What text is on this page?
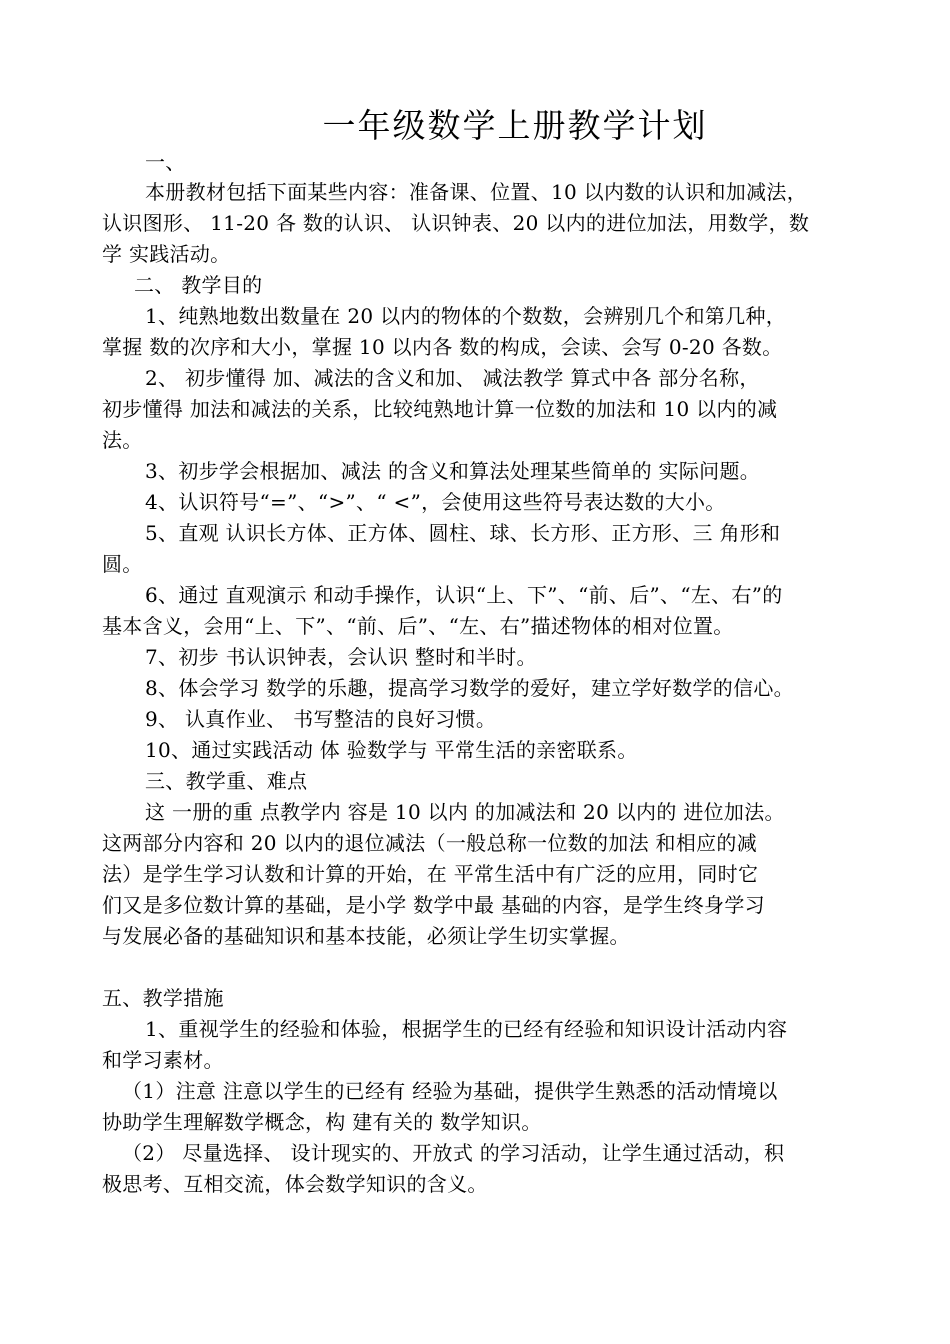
一年级数学上册教学计划
一、
本册教材包括下面某些内容：准备课、位置、10 以内数的认识和加减法，
认识图形、 11-20 各 数的认识、 认识钟表、20 以内的进位加法，用数学，数
学 实践活动。
二、 教学目的
1、纯熟地数出数量在 20 以内的物体的个数数，会辨别几个和第几种，
掌握 数的次序和大小，掌握 10 以内各 数的构成，会读、会写 0-20 各数。
2、 初步懂得 加、减法的含义和加、 减法教学 算式中各 部分名称，
初步懂得 加法和减法的关系，比较纯熟地计算一位数的加法和 10 以内的减
法。
3、初步学会根据加、减法 的含义和算法处理某些简单的 实际问题。
4、认识符号“=”、“>”、“ <”，会使用这些符号表达数的大小。
5、直观 认识长方体、正方体、圆柱、球、长方形、正方形、三 角形和
圆。
6、通过 直观演示 和动手操作，认识“上、下”、“前、后”、“左、右”的
基本含义，会用“上、下”、“前、后”、“左、右”描述物体的相对位置。
7、初步 书认识钟表，会认识 整时和半时。
8、体会学习 数学的乐趣，提高学习数学的爱好，建立学好数学的信心。
9、 认真作业、 书写整洁的良好习惯。
10、通过实践活动 体 验数学与 平常生活的亲密联系。
三、教学重、难点
这 一册的重 点教学内 容是 10 以内 的加减法和 20 以内的 进位加法。
这两部分内容和 20 以内的退位减法（一般总称一位数的加法 和相应的减
法）是学生学习认数和计算的开始，在 平常生活中有广泛的应用，同时它
们又是多位数计算的基础，是小学 数学中最 基础的内容，是学生终身学习
与发展必备的基础知识和基本技能，必须让学生切实掌握。
五、教学措施
1、重视学生的经验和体验，根据学生的已经有经验和知识设计活动内容
和学习素材。
（1）注意 注意以学生的已经有 经验为基础，提供学生熟悉的活动情境以
协助学生理解数学概念，构 建有关的 数学知识。
（2） 尽量选择、 设计现实的、开放式 的学习活动，让学生通过活动，积
极思考、互相交流，体会数学知识的含义。
